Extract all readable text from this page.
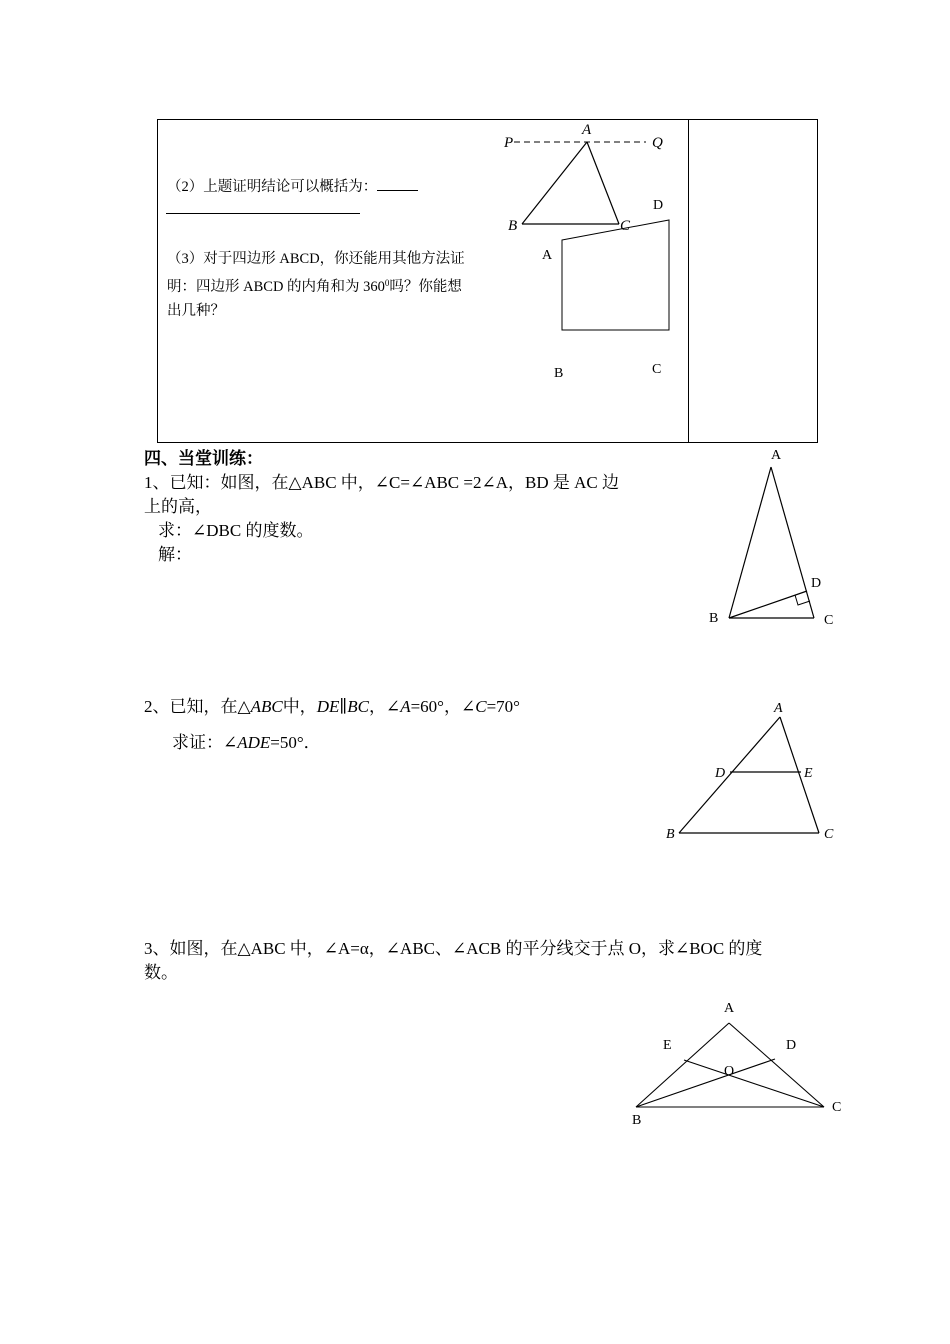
（2）上题证明结论可以概括为：
（3）对于四边形 ABCD，你还能用其他方法证
明：四边形 ABCD 的内角和为 $360^0$吗？你能想
出几种？
P
A
Q
B	C
A
D
B	C
A
B	C
D
A
B	C
D	E
A
B
C
D
E
O
四、当堂训练：
1、已知：如图，在△ABC 中，∠C=∠ABC =2∠A，BD 是 AC 边
上的高，
求：∠DBC 的度数。
解：
2、已知，在△ABC中，DE∥BC，∠A=60°，∠C=70°
求证：∠ADE=50°．
3、如图，在△ABC 中，∠A=α，∠ABC、∠ACB 的平分线交于点 O，求∠BOC 的度
数。
